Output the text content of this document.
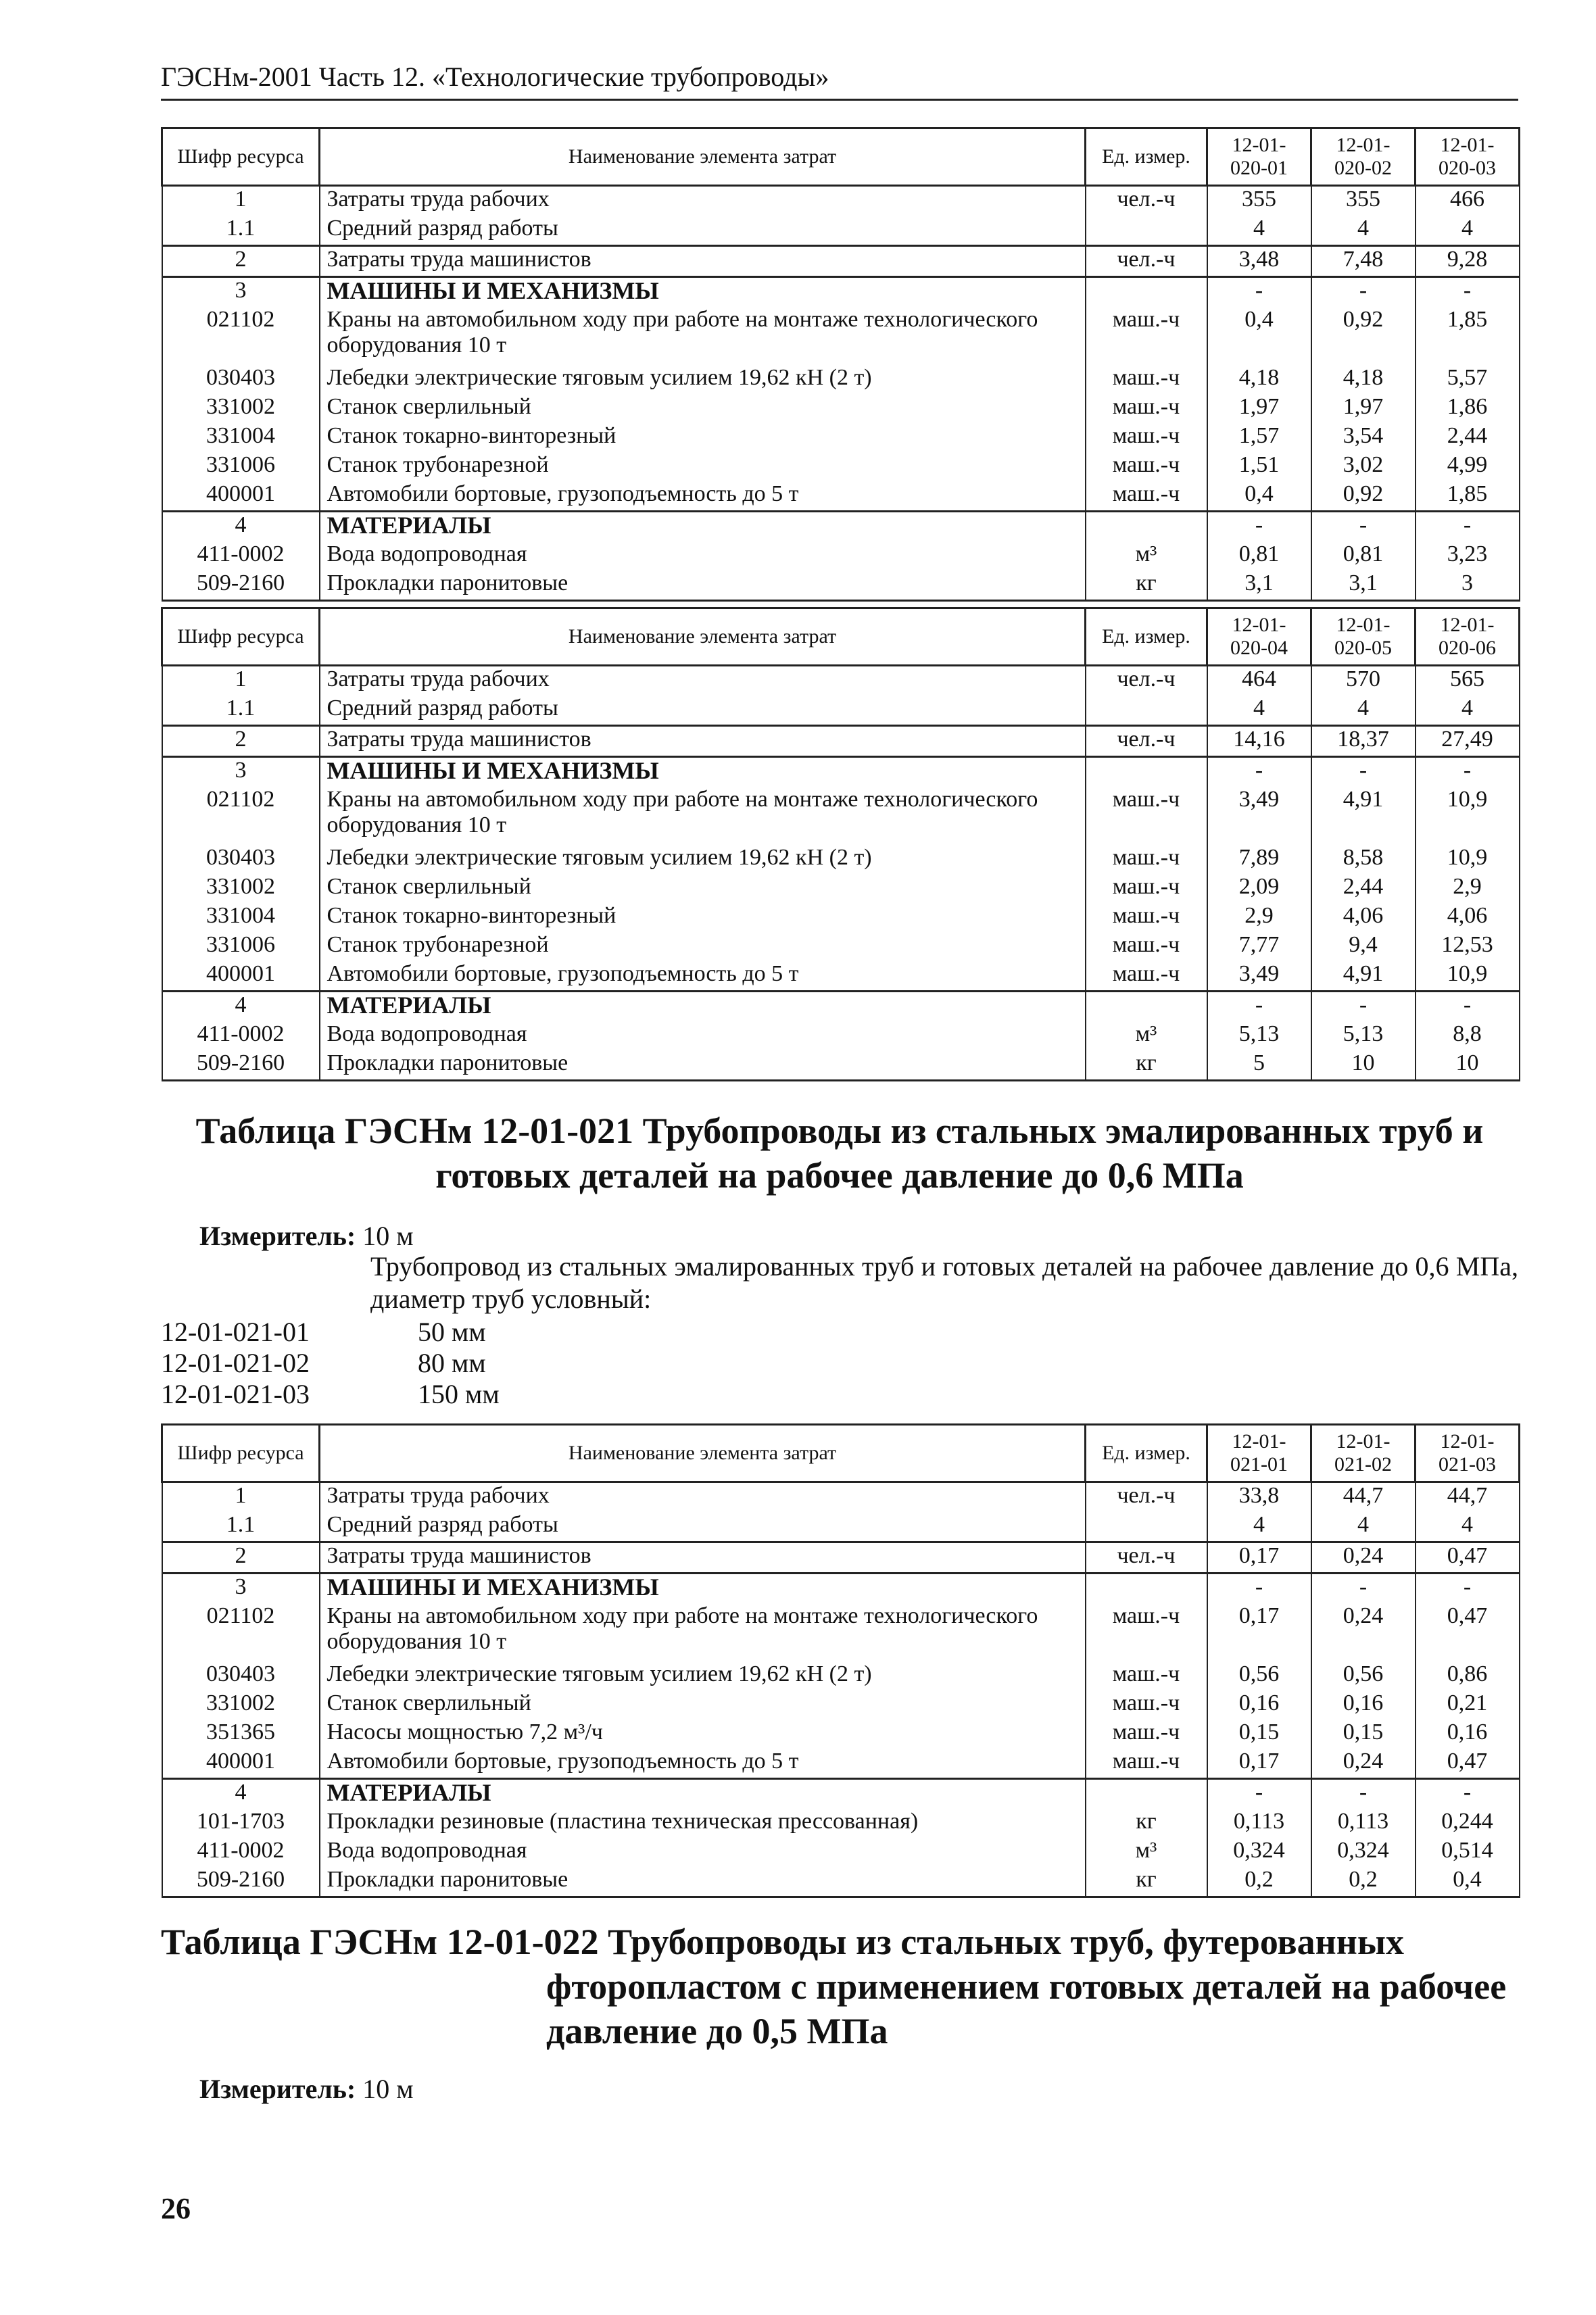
ГЭСНм-2001 Часть 12. «Технологические трубопроводы»
Шифр ресурса	Наименование элемента затрат	Ед. измер.	12-01-020-01	12-01-020-02	12-01-020-03
1	Затраты труда рабочих	чел.-ч	355	355	466
1.1	Средний разряд работы		4	4	4
2	Затраты труда машинистов	чел.-ч	3,48	7,48	9,28
3	МАШИНЫ И МЕХАНИЗМЫ		-	-	-
021102	Краны на автомобильном ходу при работе на монтаже технологического оборудования 10 т	маш.-ч	0,4	0,92	1,85
030403	Лебедки электрические тяговым усилием 19,62 кН (2 т)	маш.-ч	4,18	4,18	5,57
331002	Станок сверлильный	маш.-ч	1,97	1,97	1,86
331004	Станок токарно-винторезный	маш.-ч	1,57	3,54	2,44
331006	Станок трубонарезной	маш.-ч	1,51	3,02	4,99
400001	Автомобили бортовые, грузоподъемность до 5 т	маш.-ч	0,4	0,92	1,85
4	МАТЕРИАЛЫ		-	-	-
411-0002	Вода водопроводная	м³	0,81	0,81	3,23
509-2160	Прокладки паронитовые	кг	3,1	3,1	3
Шифр ресурса	Наименование элемента затрат	Ед. измер.	12-01-020-04	12-01-020-05	12-01-020-06
1	Затраты труда рабочих	чел.-ч	464	570	565
1.1	Средний разряд работы		4	4	4
2	Затраты труда машинистов	чел.-ч	14,16	18,37	27,49
3	МАШИНЫ И МЕХАНИЗМЫ		-	-	-
021102	Краны на автомобильном ходу при работе на монтаже технологического оборудования 10 т	маш.-ч	3,49	4,91	10,9
030403	Лебедки электрические тяговым усилием 19,62 кН (2 т)	маш.-ч	7,89	8,58	10,9
331002	Станок сверлильный	маш.-ч	2,09	2,44	2,9
331004	Станок токарно-винторезный	маш.-ч	2,9	4,06	4,06
331006	Станок трубонарезной	маш.-ч	7,77	9,4	12,53
400001	Автомобили бортовые, грузоподъемность до 5 т	маш.-ч	3,49	4,91	10,9
4	МАТЕРИАЛЫ		-	-	-
411-0002	Вода водопроводная	м³	5,13	5,13	8,8
509-2160	Прокладки паронитовые	кг	5	10	10
Таблица ГЭСНм 12-01-021 Трубопроводы из стальных эмалированных труб и готовых деталей на рабочее давление до 0,6 МПа
Измеритель: 10 м
Трубопровод из стальных эмалированных труб и готовых деталей на рабочее давление до 0,6 МПа, диаметр труб условный:
12-01-021-01	50 мм
12-01-021-02	80 мм
12-01-021-03	150 мм
Шифр ресурса	Наименование элемента затрат	Ед. измер.	12-01-021-01	12-01-021-02	12-01-021-03
1	Затраты труда рабочих	чел.-ч	33,8	44,7	44,7
1.1	Средний разряд работы		4	4	4
2	Затраты труда машинистов	чел.-ч	0,17	0,24	0,47
3	МАШИНЫ И МЕХАНИЗМЫ		-	-	-
021102	Краны на автомобильном ходу при работе на монтаже технологического оборудования 10 т	маш.-ч	0,17	0,24	0,47
030403	Лебедки электрические тяговым усилием 19,62 кН (2 т)	маш.-ч	0,56	0,56	0,86
331002	Станок сверлильный	маш.-ч	0,16	0,16	0,21
351365	Насосы мощностью 7,2 м³/ч	маш.-ч	0,15	0,15	0,16
400001	Автомобили бортовые, грузоподъемность до 5 т	маш.-ч	0,17	0,24	0,47
4	МАТЕРИАЛЫ		-	-	-
101-1703	Прокладки резиновые (пластина техническая прессованная)	кг	0,113	0,113	0,244
411-0002	Вода водопроводная	м³	0,324	0,324	0,514
509-2160	Прокладки паронитовые	кг	0,2	0,2	0,4
Таблица ГЭСНм 12-01-022 Трубопроводы из стальных труб, футерованных фторопластом с применением готовых деталей на рабочее давление до 0,5 МПа
Измеритель: 10 м
26
